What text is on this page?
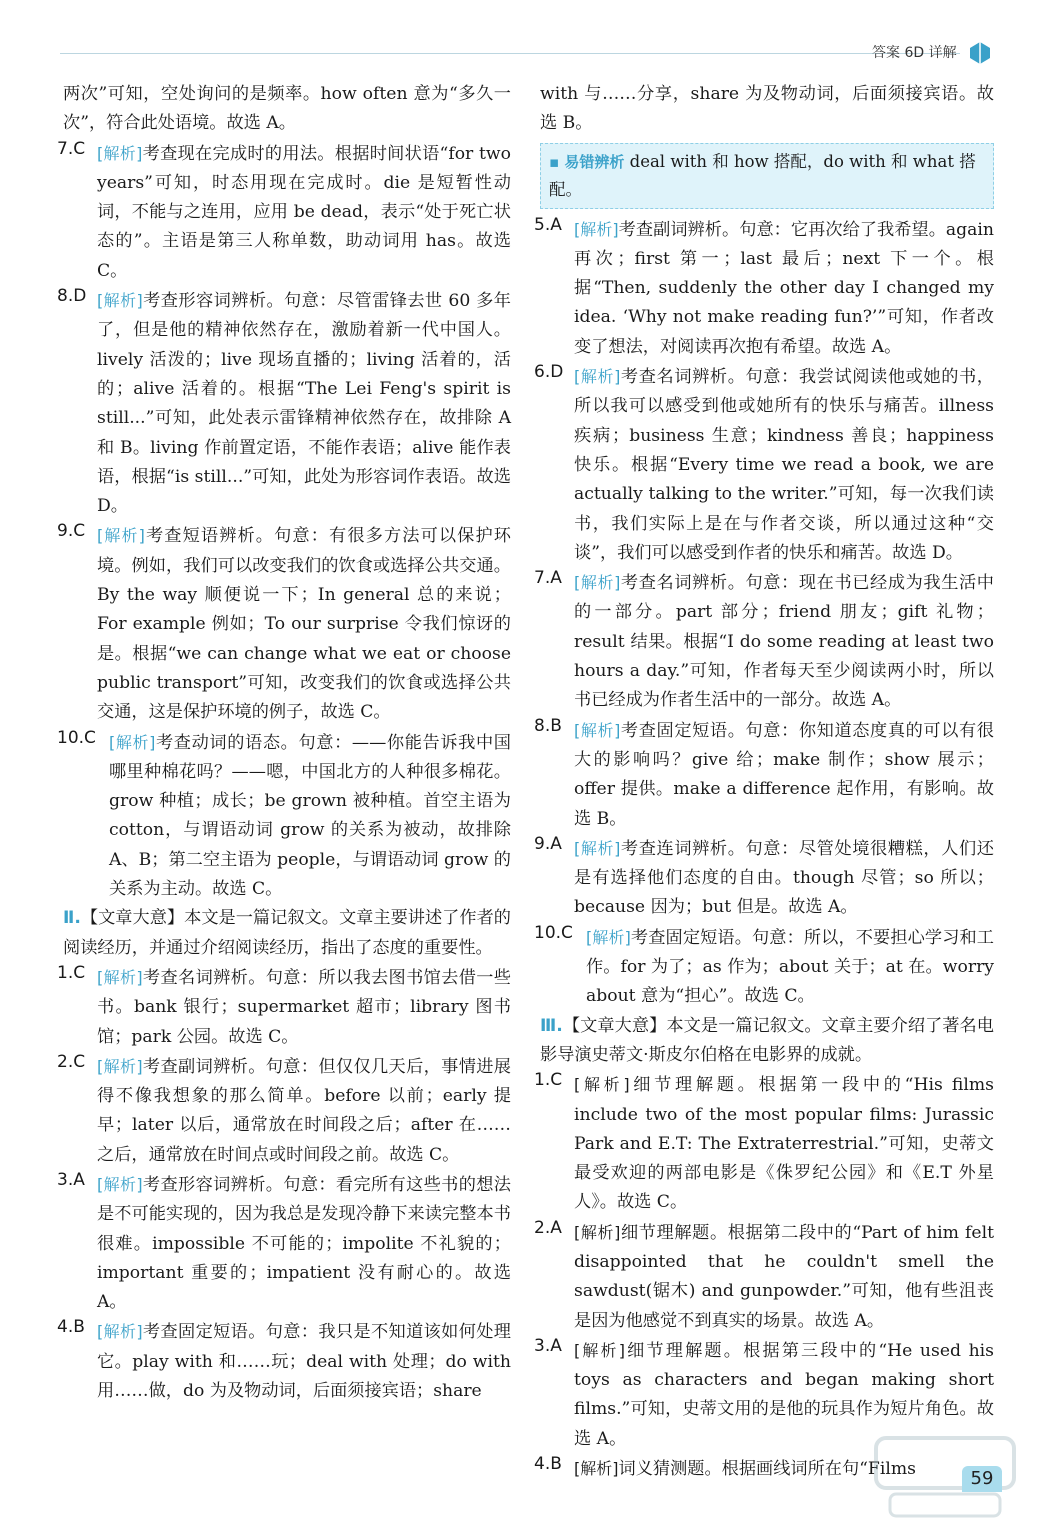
答案 6D 详解

两次”可知，空处询问的是频率。how often 意为“多久一次”，符合此处语境。故选 A。

7.C [解析]考查现在完成时的用法。根据时间状语“for two years”可知，时态用现在完成时。die 是短暂性动词，不能与之连用，应用 be dead，表示“处于死亡状态的”。主语是第三人称单数，助动词用 has。故选 C。

8.D [解析]考查形容词辨析。句意：尽管雷锋去世 60 多年了，但是他的精神依然存在，激励着新一代中国人。lively 活泼的；live 现场直播的；living 活着的，活的；alive 活着的。根据“The Lei Feng's spirit is still...”可知，此处表示雷锋精神依然存在，故排除 A 和 B。living 作前置定语，不能作表语；alive 能作表语，根据“is still...”可知，此处为形容词作表语。故选 D。

9.C [解析]考查短语辨析。句意：有很多方法可以保护环境。例如，我们可以改变我们的饮食或选择公共交通。By the way 顺便说一下；In general 总的来说；For example 例如；To our surprise 令我们惊讶的是。根据“we can change what we eat or choose public transport”可知，改变我们的饮食或选择公共交通，这是保护环境的例子，故选 C。

10.C [解析]考查动词的语态。句意：——你能告诉我中国哪里种棉花吗？——嗯，中国北方的人种很多棉花。grow 种植；成长；be grown 被种植。首空主语为 cotton，与谓语动词 grow 的关系为被动，故排除 A、B；第二空主语为 people，与谓语动词 grow 的关系为主动。故选 C。

Ⅱ.【文章大意】本文是一篇记叙文。文章主要讲述了作者的阅读经历，并通过介绍阅读经历，指出了态度的重要性。

1.C [解析]考查名词辨析。句意：所以我去图书馆去借一些书。bank 银行；supermarket 超市；library 图书馆；park 公园。故选 C。

2.C [解析]考查副词辨析。句意：但仅仅几天后，事情进展得不像我想象的那么简单。before 以前；early 提早；later 以后，通常放在时间段之后；after 在……之后，通常放在时间点或时间段之前。故选 C。

3.A [解析]考查形容词辨析。句意：看完所有这些书的想法是不可能实现的，因为我总是发现冷静下来读完整本书很难。impossible 不可能的；impolite 不礼貌的；important 重要的；impatient 没有耐心的。故选 A。

4.B [解析]考查固定短语。句意：我只是不知道该如何处理它。play with 和……玩；deal with 处理；do with 用……做，do 为及物动词，后面须接宾语；share

with 与……分享，share 为及物动词，后面须接宾语。故选 B。

▪ 易错辨析 deal with 和 how 搭配，do with 和 what 搭配。
5.A [解析]考查副词辨析。句意：它再次给了我希望。again 再次；first 第一；last 最后；next 下一个。根据“Then, suddenly the other day I changed my idea. ‘Why not make reading fun?’”可知，作者改变了想法，对阅读再次抱有希望。故选 A。

6.D [解析]考查名词辨析。句意：我尝试阅读他或她的书，所以我可以感受到他或她所有的快乐与痛苦。illness 疾病；business 生意；kindness 善良；happiness 快乐。根据“Every time we read a book, we are actually talking to the writer.”可知，每一次我们读书，我们实际上是在与作者交谈，所以通过这种“交谈”，我们可以感受到作者的快乐和痛苦。故选 D。

7.A [解析]考查名词辨析。句意：现在书已经成为我生活中的一部分。part 部分；friend 朋友；gift 礼物；result 结果。根据“I do some reading at least two hours a day.”可知，作者每天至少阅读两小时，所以书已经成为作者生活中的一部分。故选 A。

8.B [解析]考查固定短语。句意：你知道态度真的可以有很大的影响吗？give 给；make 制作；show 展示；offer 提供。make a difference 起作用，有影响。故选 B。

9.A [解析]考查连词辨析。句意：尽管处境很糟糕，人们还是有选择他们态度的自由。though 尽管；so 所以；because 因为；but 但是。故选 A。

10.C [解析]考查固定短语。句意：所以，不要担心学习和工作。for 为了；as 作为；about 关于；at 在。worry about 意为“担心”。故选 C。

Ⅲ.【文章大意】本文是一篇记叙文。文章主要介绍了著名电影导演史蒂文·斯皮尔伯格在电影界的成就。

1.C [解析]细节理解题。根据第一段中的“His films include two of the most popular films: Jurassic Park and E.T: The Extraterrestrial.”可知，史蒂文最受欢迎的两部电影是《侏罗纪公园》和《E.T 外星人》。故选 C。

2.A [解析]细节理解题。根据第二段中的“Part of him felt disappointed that he couldn't smell the sawdust(锯木) and gunpowder.”可知，他有些沮丧是因为他感觉不到真实的场景。故选 A。

3.A [解析]细节理解题。根据第三段中的“He used his toys as characters and began making short films.”可知，史蒂文用的是他的玩具作为短片角色。故选 A。

4.B [解析]词义猜测题。根据画线词所在句“Films	59
